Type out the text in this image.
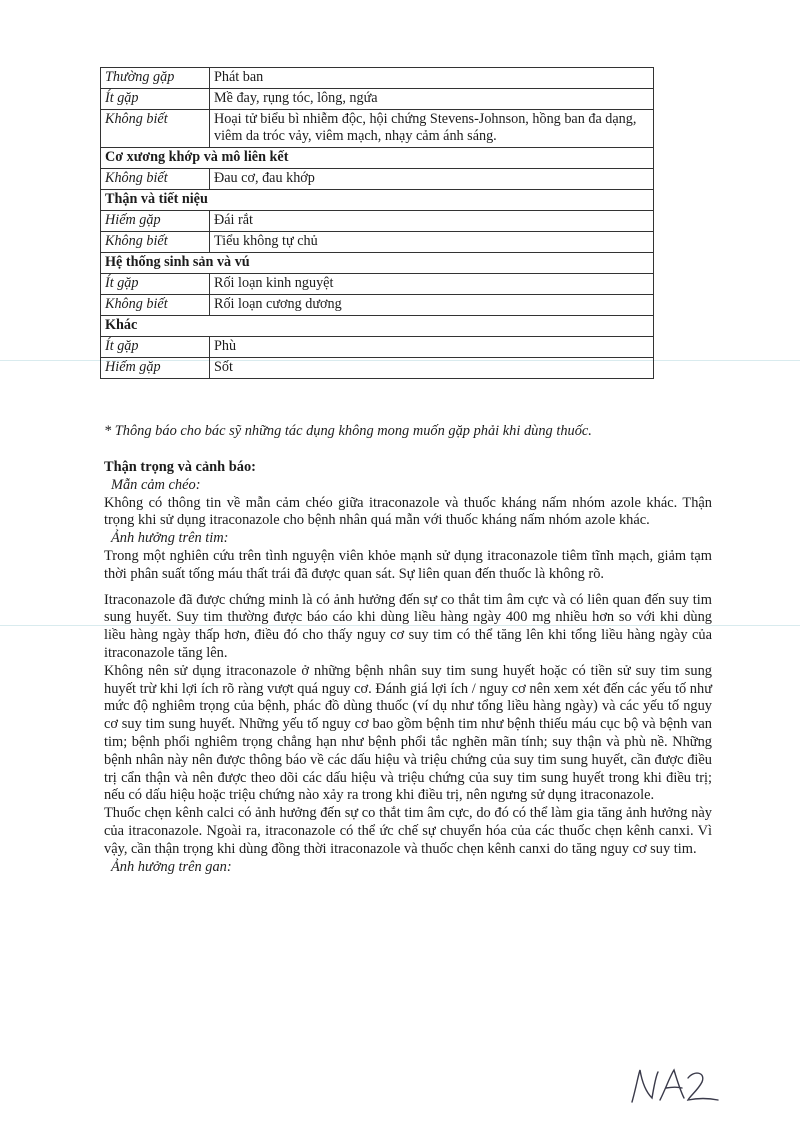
Thường gặp	Phát ban
Ít gặp	Mề đay, rụng tóc, lông, ngứa
Không biết	Hoại tử biểu bì nhiễm độc, hội chứng Stevens-Johnson, hồng ban đa dạng, viêm da tróc vảy, viêm mạch, nhạy cảm ánh sáng.
Cơ xương khớp và mô liên kết	
Không biết	Đau cơ, đau khớp
Thận và tiết niệu	
Hiếm gặp	Đái rắt
Không biết	Tiểu không tự chủ
Hệ thống sinh sản và vú	
Ít gặp	Rối loạn kinh nguyệt
Không biết	Rối loạn cương dương
Khác	
Ít gặp	Phù
Hiếm gặp	Sốt
* Thông báo cho bác sỹ những tác dụng không mong muốn gặp phải khi dùng thuốc.

Thận trọng và cảnh báo:

Mẫn cảm chéo:

Không có thông tin về mẫn cảm chéo giữa itraconazole và thuốc kháng nấm nhóm azole khác. Thận trọng khi sử dụng itraconazole cho bệnh nhân quá mẫn với thuốc kháng nấm nhóm azole khác.

Ảnh hưởng trên tim:

Trong một nghiên cứu trên tình nguyện viên khỏe mạnh sử dụng itraconazole tiêm tĩnh mạch, giảm tạm thời phân suất tống máu thất trái đã được quan sát. Sự liên quan đến thuốc là không rõ.

Itraconazole đã được chứng minh là có ảnh hưởng đến sự co thắt tim âm cực và có liên quan đến suy tim sung huyết. Suy tim thường được báo cáo khi dùng liều hàng ngày 400 mg nhiều hơn so với khi dùng liều hàng ngày thấp hơn, điều đó cho thấy nguy cơ suy tim có thể tăng lên khi tổng liều hàng ngày của itraconazole tăng lên.

Không nên sử dụng itraconazole ở những bệnh nhân suy tim sung huyết hoặc có tiền sử suy tim sung huyết trừ khi lợi ích rõ ràng vượt quá nguy cơ. Đánh giá lợi ích / nguy cơ nên xem xét đến các yếu tố như mức độ nghiêm trọng của bệnh, phác đồ dùng thuốc (ví dụ như tổng liều hàng ngày) và các yếu tố nguy cơ suy tim sung huyết. Những yếu tố nguy cơ bao gồm bệnh tim như bệnh thiếu máu cục bộ và bệnh van tim; bệnh phổi nghiêm trọng chẳng hạn như bệnh phổi tắc nghẽn mãn tính; suy thận và phù nề. Những bệnh nhân này nên được thông báo về các dấu hiệu và triệu chứng của suy tim sung huyết, cần được điều trị cẩn thận và nên được theo dõi các dấu hiệu và triệu chứng của suy tim sung huyết trong khi điều trị; nếu có dấu hiệu hoặc triệu chứng nào xảy ra trong khi điều trị, nên ngưng sử dụng itraconazole.

Thuốc chẹn kênh calci có ảnh hưởng đến sự co thắt tim âm cực, do đó có thể làm gia tăng ảnh hưởng này của itraconazole. Ngoài ra, itraconazole có thể ức chế sự chuyển hóa của các thuốc chẹn kênh canxi. Vì vậy, cần thận trọng khi dùng đồng thời itraconazole và thuốc chẹn kênh canxi do tăng nguy cơ suy tim.

Ảnh hưởng trên gan:
